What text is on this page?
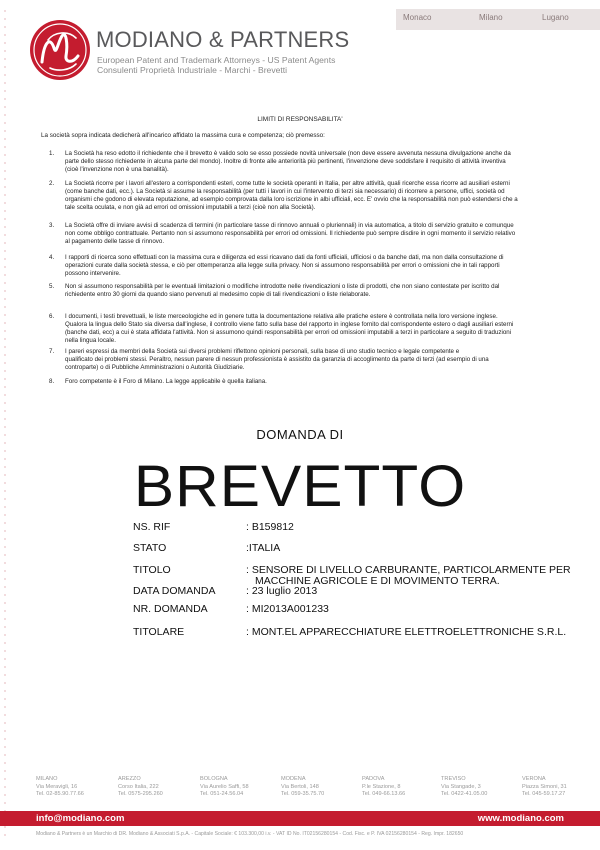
Monaco	Milano	Lugano
MODIANO & PARTNERS
European Patent and Trademark Attorneys - US Patent Agents
Consulenti Proprietà Industriale - Marchi - Brevetti
LIMITI DI RESPONSABILITA'
La società sopra indicata dedicherà all'incarico affidato la massima cura e competenza; ciò premesso:
1. La Società ha reso edotto il richiedente che il brevetto è valido solo se esso possiede novità universale (non deve essere avvenuta nessuna divulgazione anche da
parte dello stesso richiedente in alcuna parte del mondo). Inoltre di fronte alle anteriorità più pertinenti, l'invenzione deve soddisfare il requisito di attività inventiva
(cioè l'invenzione non è una banalità).
2. La Società ricorre per i lavori all'estero a corrispondenti esteri, come tutte le società operanti in Italia, per altre attività, quali ricerche essa ricorre ad ausiliari esterni
(come banche dati, ecc.). La Società si assume la responsabilità (per tutti i lavori in cui l'intervento di terzi sia necessario) di ricorrere a persone, uffici, società od
organismi che godono di elevata reputazione, ad esempio comprovata dalla loro iscrizione in albi ufficiali, ecc. E' ovvio che la responsabilità non può estendersi che a
tale scelta oculata, e non già ad errori od omissioni imputabili a terzi (cioè non alla Società).
3. La Società offre di inviare avvisi di scadenza di termini (in particolare tasse di rinnovo annuali o pluriennali) in via automatica, a titolo di servizio gratuito e comunque
non come obbligo contrattuale. Pertanto non si assumono responsabilità per errori od omissioni. Il richiedente può sempre disdire in ogni momento il servizio relativo
al pagamento delle tasse di rinnovo.
4. I rapporti di ricerca sono effettuati con la massima cura e diligenza ed essi ricavano dati da fonti ufficiali, ufficiosi o da banche dati, ma non dalla consultazione di
operazioni curate dalla società stessa, e ciò per ottemperanza alla legge sulla privacy. Non si assumono responsabilità per errori o omissioni che in tali rapporti
possono intervenire.
5. Non si assumono responsabilità per le eventuali limitazioni o modifiche introdotte nelle rivendicazioni o liste di prodotti, che non siano contestate per iscritto dal
richiedente entro 30 giorni da quando siano pervenuti al medesimo copie di tali rivendicazioni o liste rielaborate.
6. I documenti, i testi brevettuali, le liste merceologiche ed in genere tutta la documentazione relativa alle pratiche estere è controllata nella loro versione inglese.
Qualora la lingua dello Stato sia diversa dall'inglese, il controllo viene fatto sulla base del rapporto in inglese fornito dal corrispondente estero o dagli ausiliari esterni
(banche dati, ecc) a cui è stata affidata l'attività. Non si assumono quindi responsabilità per errori od omissioni imputabili a terzi in particolare a seguito di traduzioni
nella lingua locale.
7. I pareri espressi da membri della Società sui diversi problemi riflettono opinioni personali, sulla base di uno studio tecnico e legale competente e
qualificato dei problemi stessi. Peraltro, nessun parere di nessun professionista è assistito da garanzia di accoglimento da parte di terzi (ad esempio di una
controparte) o di Pubbliche Amministrazioni o Autorità Giudiziarie.
8. Foro competente è il Foro di Milano. La legge applicabile è quella italiana.
DOMANDA DI
BREVETTO
NS. RIF	: B159812
STATO	:ITALIA
TITOLO	: SENSORE DI LIVELLO CARBURANTE, PARTICOLARMENTE PER
MACCHINE AGRICOLE E DI MOVIMENTO TERRA.
DATA DOMANDA	: 23 luglio 2013
NR. DOMANDA	: MI2013A001233
TITOLARE	: MONT.EL APPARECCHIATURE ELETTROELETTRONICHE S.R.L.
MILANO
Via Meravigli, 16
Tel. 02-85.90.77.66
AREZZO
Corso Italia, 222
Tel. 0575-295.260
BOLOGNA
Via Aurelio Saffi, 58
Tel. 051-24.56.04
MODENA
Via Bertoli, 148
Tel. 059-35.75.70
PADOVA
P.le Stazione, 8
Tel. 049-66.13.66
TREVISO
Via Stangade, 3
Tel. 0422-41.05.00
VERONA
Piazza Simoni, 31
Tel. 045-59.17.27
info@modiano.com	www.modiano.com
Modiano & Partners è un Marchio di DR. Modiano & Associati S.p.A. - Capitale Sociale: € 103.300,00 i.v. - VAT ID No. IT02156280154 - Cod. Fisc. e P. IVA 02156280154 - Reg. Impr. 182650
